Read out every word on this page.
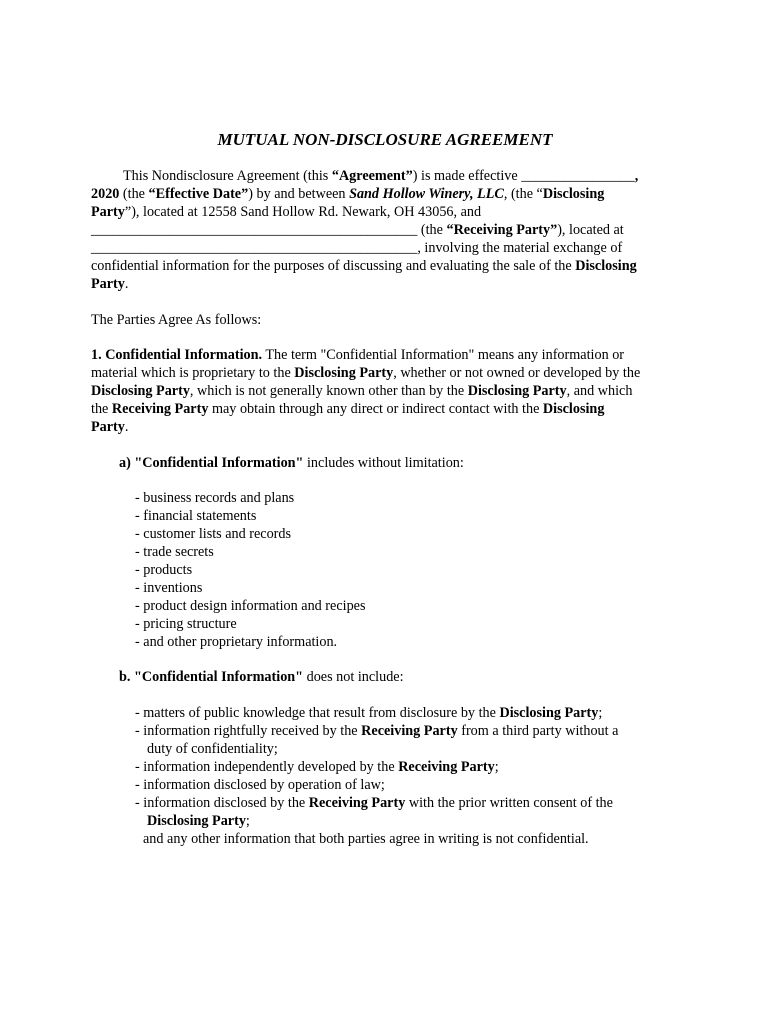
MUTUAL NON-DISCLOSURE AGREEMENT
This Nondisclosure Agreement (this “Agreement”) is made effective ________________,
2020 (the “Effective Date”) by and between Sand Hollow Winery, LLC, (the “Disclosing
Party”), located at 12558 Sand Hollow Rd. Newark, OH 43056, and
______________________________________________ (the “Receiving Party”), located at
______________________________________________, involving the material exchange of
confidential information for the purposes of discussing and evaluating the sale of the Disclosing
Party.
The Parties Agree As follows:
1. Confidential Information. The term "Confidential Information" means any information or
material which is proprietary to the Disclosing Party, whether or not owned or developed by the
Disclosing Party, which is not generally known other than by the Disclosing Party, and which
the Receiving Party may obtain through any direct or indirect contact with the Disclosing
Party.
a) "Confidential Information" includes without limitation:
- business records and plans
- financial statements
- customer lists and records
- trade secrets
- products
- inventions
- product design information and recipes
- pricing structure
- and other proprietary information.
b. "Confidential Information" does not include:
- matters of public knowledge that result from disclosure by the Disclosing Party;
- information rightfully received by the Receiving Party from a third party without a
duty of confidentiality;
- information independently developed by the Receiving Party;
- information disclosed by operation of law;
- information disclosed by the Receiving Party with the prior written consent of the
Disclosing Party;
and any other information that both parties agree in writing is not confidential.
